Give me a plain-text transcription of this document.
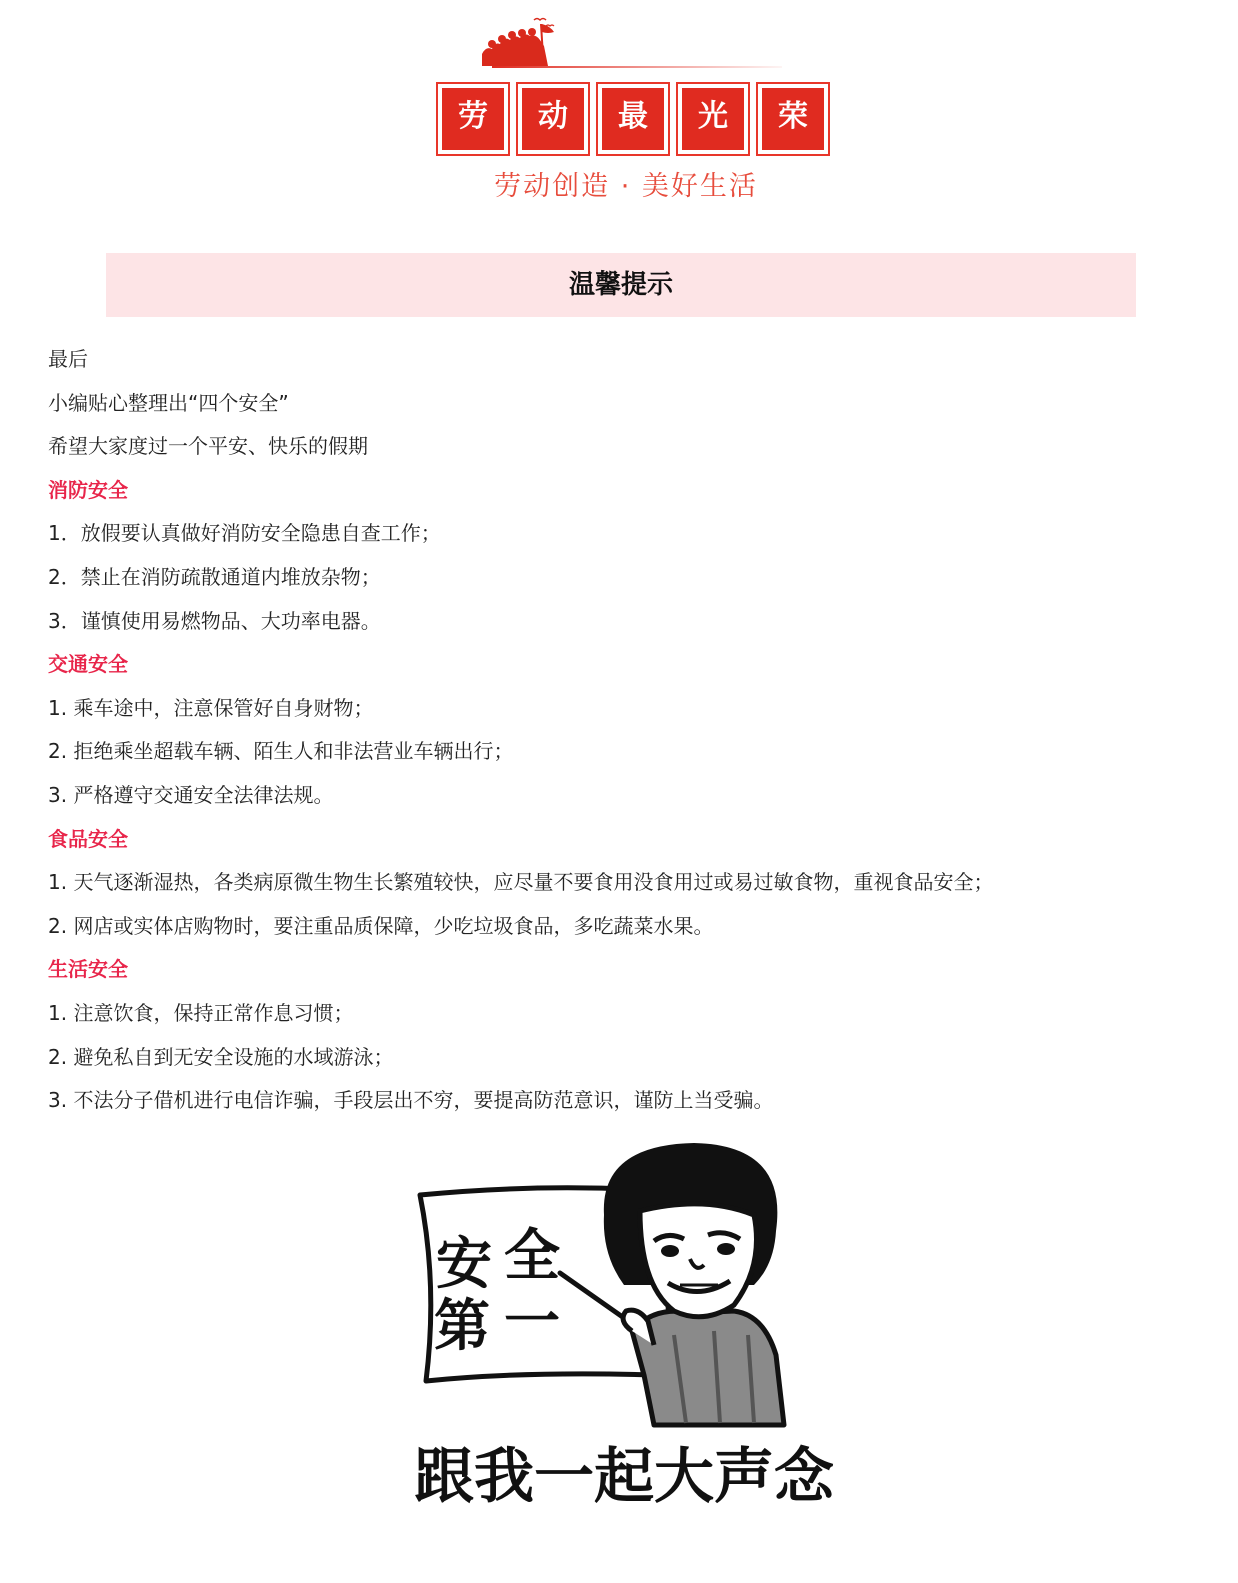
劳	动	最	光	荣
劳动创造 · 美好生活
温馨提示
最后
小编贴心整理出“四个安全”
希望大家度过一个平安、快乐的假期
消防安全
1．放假要认真做好消防安全隐患自查工作；
2．禁止在消防疏散通道内堆放杂物；
3．谨慎使用易燃物品、大功率电器。
交通安全
1. 乘车途中，注意保管好自身财物；
2. 拒绝乘坐超载车辆、陌生人和非法营业车辆出行；
3. 严格遵守交通安全法律法规。
食品安全
1. 天气逐渐湿热，各类病原微生物生长繁殖较快，应尽量不要食用没食用过或易过敏食物，重视食品安全；
2. 网店或实体店购物时，要注重品质保障，少吃垃圾食品，多吃蔬菜水果。
生活安全
1. 注意饮食，保持正常作息习惯；
2. 避免私自到无安全设施的水域游泳；
3. 不法分子借机进行电信诈骗，手段层出不穷，要提高防范意识，谨防上当受骗。
安 全
第 一
跟我一起大声念
